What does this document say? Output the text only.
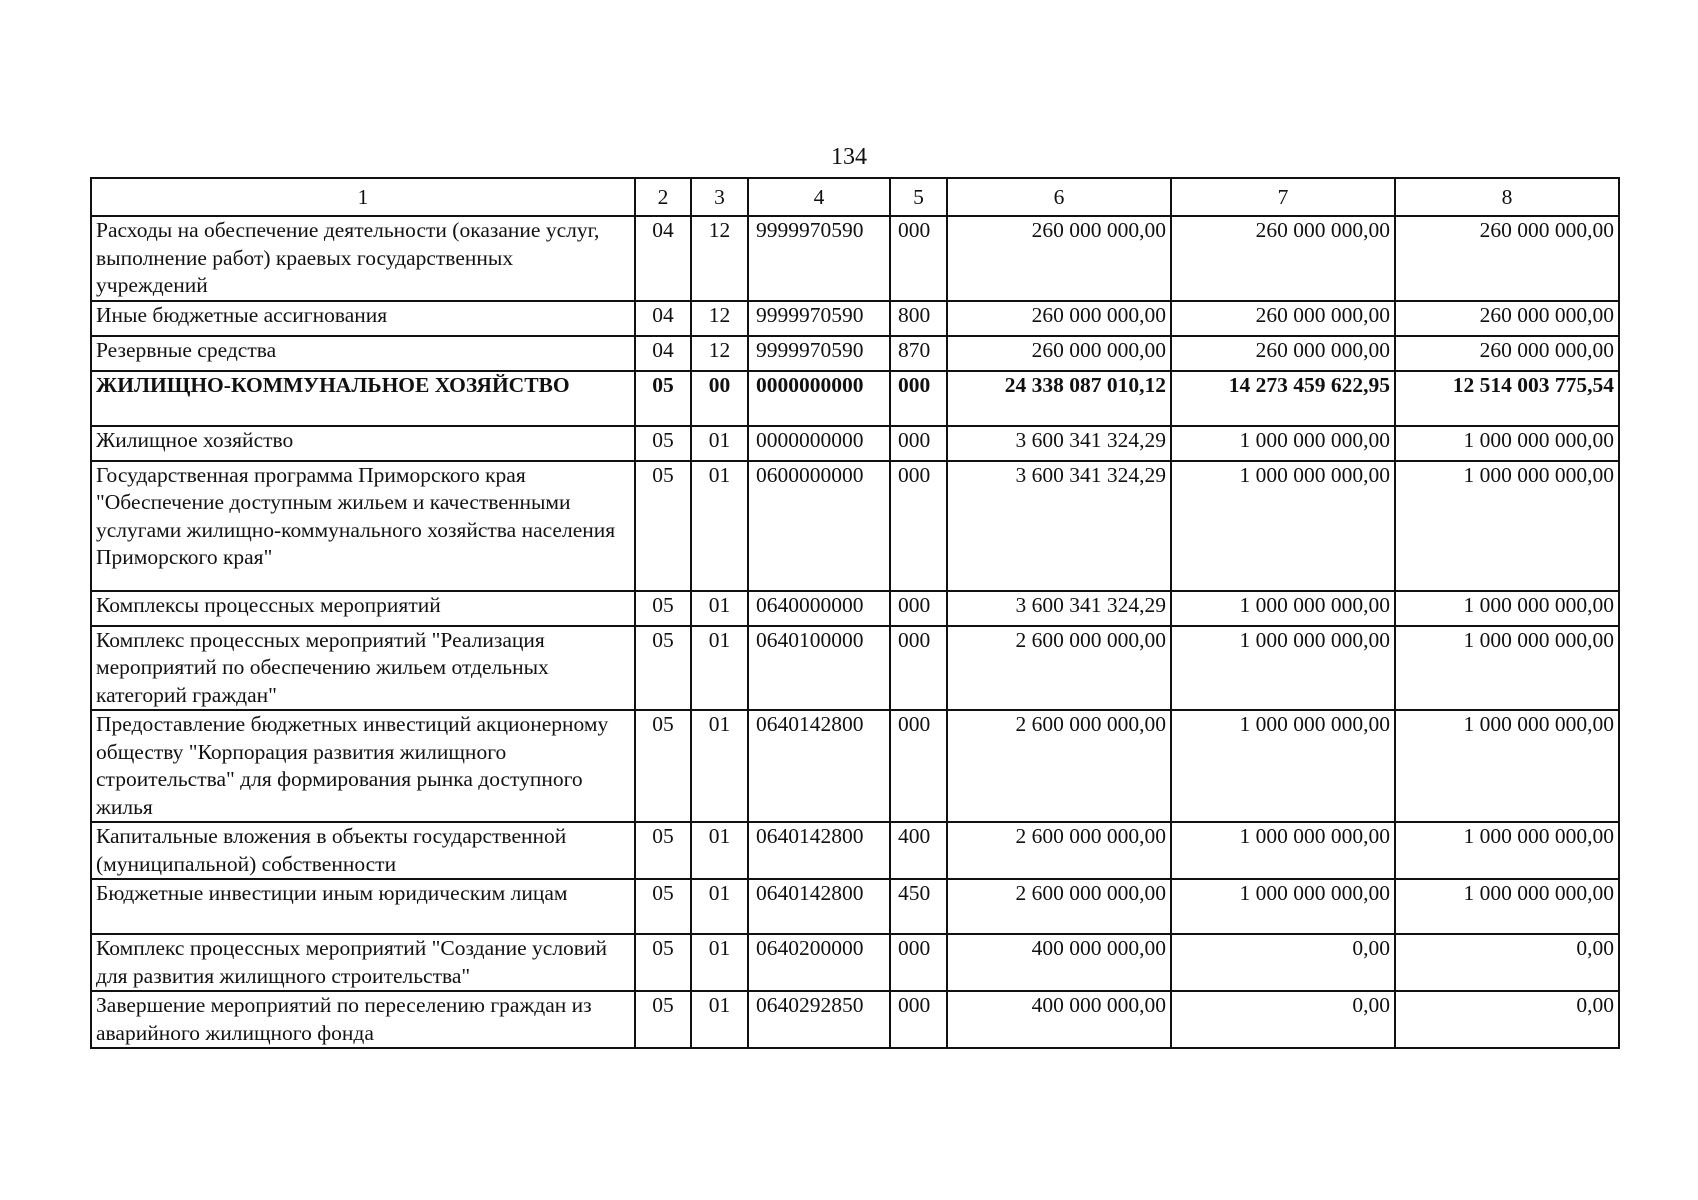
134
1	2	3	4	5	6	7	8
Расходы на обеспечение деятельности (оказание услуг, выполнение работ) краевых государственных учреждений	04	12	9999970590	000	260 000 000,00	260 000 000,00	260 000 000,00
Иные бюджетные ассигнования	04	12	9999970590	800	260 000 000,00	260 000 000,00	260 000 000,00
Резервные средства	04	12	9999970590	870	260 000 000,00	260 000 000,00	260 000 000,00
ЖИЛИЩНО-КОММУНАЛЬНОЕ ХОЗЯЙСТВО	05	00	0000000000	000	24 338 087 010,12	14 273 459 622,95	12 514 003 775,54
Жилищное хозяйство	05	01	0000000000	000	3 600 341 324,29	1 000 000 000,00	1 000 000 000,00
Государственная программа Приморского края "Обеспечение доступным жильем и качественными услугами жилищно-коммунального хозяйства населения Приморского края"	05	01	0600000000	000	3 600 341 324,29	1 000 000 000,00	1 000 000 000,00
Комплексы процессных мероприятий	05	01	0640000000	000	3 600 341 324,29	1 000 000 000,00	1 000 000 000,00
Комплекс процессных мероприятий "Реализация мероприятий по обеспечению жильем отдельных категорий граждан"	05	01	0640100000	000	2 600 000 000,00	1 000 000 000,00	1 000 000 000,00
Предоставление бюджетных инвестиций акционерному обществу "Корпорация развития жилищного строительства" для формирования рынка доступного жилья	05	01	0640142800	000	2 600 000 000,00	1 000 000 000,00	1 000 000 000,00
Капитальные вложения в объекты государственной (муниципальной) собственности	05	01	0640142800	400	2 600 000 000,00	1 000 000 000,00	1 000 000 000,00
Бюджетные инвестиции иным юридическим лицам	05	01	0640142800	450	2 600 000 000,00	1 000 000 000,00	1 000 000 000,00
Комплекс процессных мероприятий "Создание условий для развития жилищного строительства"	05	01	0640200000	000	400 000 000,00	0,00	0,00
Завершение мероприятий по переселению граждан из аварийного жилищного фонда	05	01	0640292850	000	400 000 000,00	0,00	0,00
